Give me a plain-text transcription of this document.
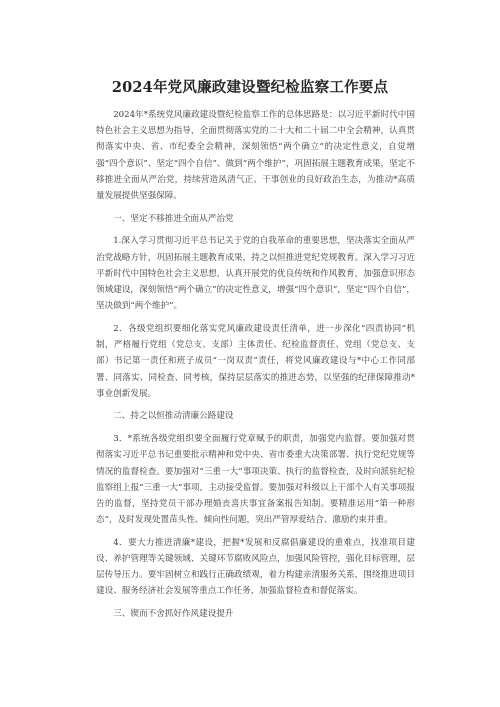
2024年党风廉政建设暨纪检监察工作要点

2024年*系统党风廉政建设暨纪检监察工作的总体思路是：以习近平新时代中国特色社会主义思想为指导，全面贯彻落实党的二十大和二十届二中全会精神，认真贯彻落实中央、省、市纪委全会精神，深刻领悟“两个确立”的决定性意义，自觉增强“四个意识”、坚定“四个自信”、做到“两个维护”，巩固拓展主题教育成果，坚定不移推进全面从严治党，持续营造风清气正、干事创业的良好政治生态，为推动*高质量发展提供坚强保障。

一、坚定不移推进全面从严治党

1.深入学习贯彻习近平总书记关于党的自我革命的重要思想，坚决落实全面从严治党战略方针，巩固拓展主题教育成果，持之以恒推进党纪党规教育。深入学习习近平新时代中国特色社会主义思想，认真开展党的优良传统和作风教育，加强意识形态领域建设，深刻领悟“两个确立”的决定性意义，增强“四个意识”，坚定“四个自信”，坚决做到“两个维护”。

2．各级党组织要细化落实党风廉政建设责任清单，进一步深化“四责协同”机制，严格履行党组（党总支、支部）主体责任、纪检监督责任、党组（党总支、支部）书记第一责任和班子成员“一岗双责”责任，将党风廉政建设与*中心工作同部署、同落实、同检查、同考核，保持层层落实的推进态势，以坚强的纪律保障推动*事业创新发展。

二、持之以恒推动清廉公路建设

3．*系统各级党组织要全面履行党章赋予的职责，加强党内监督。要加强对贯彻落实习近平总书记重要批示精神和党中央、省市委重大决策部署、执行党纪党规等情况的监督检查。要加强对“三重一大”事项决策、执行的监督检查，及时向派驻纪检监察组上报“三重一大”事项，主动接受监督。要加强对科级以上干部个人有关事项报告的监督，坚持党员干部办理婚丧喜庆事宜备案报告知制。要精准运用“第一种形态”，及时发现处置苗头性、倾向性问题，突出严管厚爱结合、激励约束并重。

4．要大力推进清廉*建设，把握*发展和反腐倡廉建设的重难点，找准项目建设、养护管理等关键领域、关键环节腐败风险点，加强风险管控，强化目标管理，层层传导压力。要牢固树立和践行正确政绩观，着力构建亲清服务关系，围绕推进项目建设、服务经济社会发展等重点工作任务，加强监督检查和督促落实。

三、锲而不舍抓好作风建设提升
